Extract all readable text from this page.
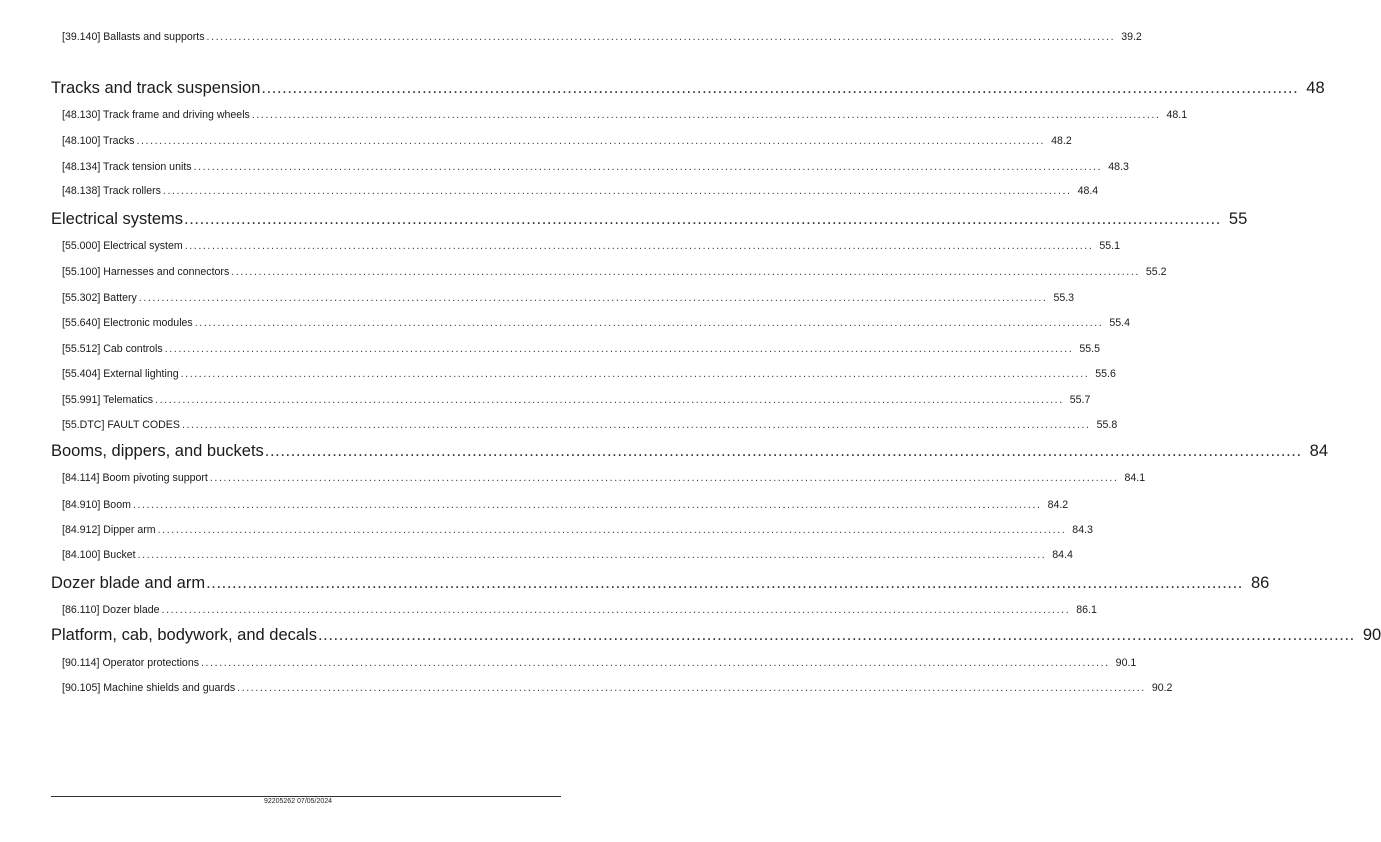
[39.140] Ballasts and supports ........................................................................................................................................................................................................ 39.2
Tracks and track suspension ........................................................................................................................................................................................................ 48
[48.130] Track frame and driving wheels ........................................................................................................................................................................................................ 48.1
[48.100] Tracks ........................................................................................................................................................................................................ 48.2
[48.134] Track tension units ........................................................................................................................................................................................................ 48.3
[48.138] Track rollers ........................................................................................................................................................................................................ 48.4
Electrical systems ........................................................................................................................................................................................................ 55
[55.000] Electrical system ........................................................................................................................................................................................................ 55.1
[55.100] Harnesses and connectors ........................................................................................................................................................................................................ 55.2
[55.302] Battery ........................................................................................................................................................................................................ 55.3
[55.640] Electronic modules ........................................................................................................................................................................................................ 55.4
[55.512] Cab controls ........................................................................................................................................................................................................ 55.5
[55.404] External lighting ........................................................................................................................................................................................................ 55.6
[55.991] Telematics ........................................................................................................................................................................................................ 55.7
[55.DTC] FAULT CODES ........................................................................................................................................................................................................ 55.8
Booms, dippers, and buckets ........................................................................................................................................................................................................ 84
[84.114] Boom pivoting support ........................................................................................................................................................................................................ 84.1
[84.910] Boom ........................................................................................................................................................................................................ 84.2
[84.912] Dipper arm ........................................................................................................................................................................................................ 84.3
[84.100] Bucket ........................................................................................................................................................................................................ 84.4
Dozer blade and arm ........................................................................................................................................................................................................ 86
[86.110] Dozer blade ........................................................................................................................................................................................................ 86.1
Platform, cab, bodywork, and decals ........................................................................................................................................................................................................ 90
[90.114] Operator protections ........................................................................................................................................................................................................ 90.1
[90.105] Machine shields and guards ........................................................................................................................................................................................................ 90.2
92205262 07/05/2024
